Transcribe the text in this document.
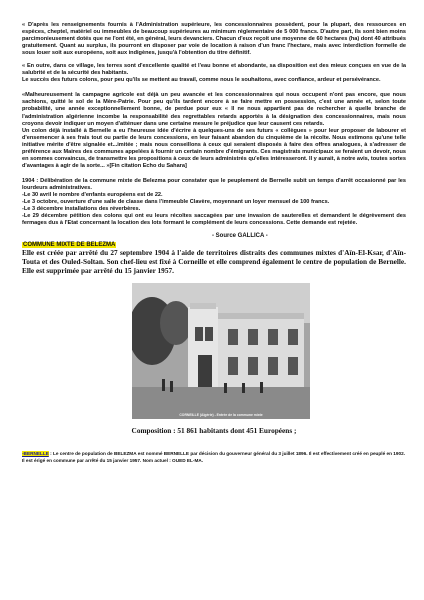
« D'après les renseignements fournis à l'Administration supérieure, les concessionnaires possèdent, pour la plupart, des ressources en espèces, cheptel, matériel ou immeubles de beaucoup supérieures au minimum réglementaire de 5 000 francs. D'autre part, ils sont bien moins parcimonieusement dotés que ne l'ont été, en général, leurs devanciers. Chacun d'eux reçoit une moyenne de 60 hectares (ha) dont 40 attribués gratuitement. Quant au surplus, ils pourront en disposer par voie de location à raison d'un franc l'hectare, mais avec interdiction formelle de sous louer soit aux européens, soit aux indigènes, jusqu'à l'obtention du titre définitif.

« En outre, dans ce village, les terres sont d'excellente qualité et l'eau bonne et abondante, sa disposition est des mieux conçues en vue de la salubrité et de la sécurité des habitants.
Le succès des futurs colons, pour peu qu'ils se mettent au travail, comme nous le souhaitons, avec confiance, ardeur et persévérance.

«Malheureusement la campagne agricole est déjà un peu avancée et les concessionnaires qui nous occupent n'ont pas encore, que nous sachions, quitté le sol de la Mère-Patrie. Pour peu qu'ils tardent encore à se faire mettre en possession, c'est une année et, selon toute probabilité, une année exceptionnellement bonne, de perdue pour eux « Il ne nous appartient pas de rechercher à quelle branche de l'administration algérienne incombe la responsabilité des regrettables retards apportés à la désignation des concessionnaires, mais nous croyons devoir indiquer un moyen d'atténuer dans une certaine mesure le préjudice que leur causent ces retards.
Un colon déjà installé à Bernelle a eu l'heureuse idée d'écrire à quelques-uns de ses futurs « collègues » pour leur proposer de labourer et d'ensemencer à ses frais tout ou partie de leurs concessions, en leur faisant abandon du cinquième de la récolte. Nous estimons qu'une telle initiative mérite d'être signalée et...imitée ; mais nous conseillons à ceux qui seraient disposés à faire des offres analogues, à s'adresser de préférence aux Maires des communes appelées à fournir un certain nombre d'émigrants. Ces magistrats municipaux se feraient un devoir, nous en sommes convaincus, de transmettre les propositions à ceux de leurs administrés qu'elles intéresseront. Il y aurait, à notre avis, toutes sortes d'avantages à agir de la sorte... »[Fin citation Echo du Sahara]

1904 : Délibération de la commune mixte de Belezma pour constater que le peuplement de Bernelle subit un temps d'arrêt occasionné par les lourdeurs administratives.
-Le 30 avril le nombre d'enfants européens est de 22.
-Le 3 octobre, ouverture d'une salle de classe dans l'immeuble Clavère, moyennant un loyer mensuel de 100 francs.
-Le 3 décembre installations des réverbères.
-Le 29 décembre pétition des colons qui ont eu leurs récoltes saccagées par une invasion de sauterelles et demandent le dégrèvement des fermages dus à l'Etat concernant la location des lots formant le complément de leurs concessions. Cette demande est rejetée.

COMMUNE MIXTE DE BELEZMA
- Source GALLICA -

Elle est créée par arrêté du 27 septembre 1904 à l'aide de territoires distraits des communes mixtes d'Aïn-El-Ksar, d'Aïn-Touta et des Ouled-Soltan. Son chef-lieu est fixé à Corneille et elle comprend également le centre de population de Bernelle. Elle est supprimée par arrêté du 15 janvier 1957.

CORNEILLE (Algérie) - Entrée de la commune mixte

Composition : 51 861 habitants dont 451 Européens ;

-BERNELLE : Le centre de population de BELEZMA est nommé BERNELLE par décision du gouverneur général du 3 juillet 1896. Il est effectivement créé en peuplé en 1902. Il est érigé en commune par arrêté du 15 janvier 1957. Nom actuel : OUED EL-MA.
